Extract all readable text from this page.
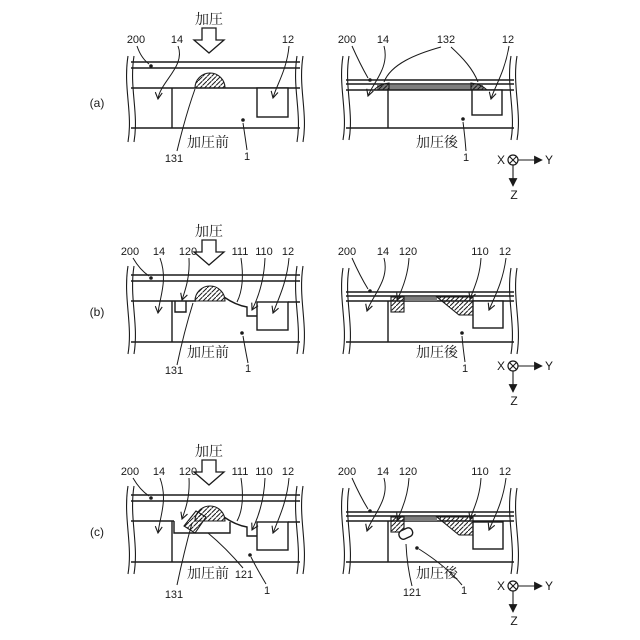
加圧
200 14	12
(a)
131
加圧前
1
200 14	132	12
加圧後
1 X	Y
Z
加圧
200 14 120	111 110 12
(b)
131
加圧前
1
200 14 120	110 12
加圧後
1 X	Y
Z
加圧
200 14 120	111 110 12
(c)
131
加圧前 121
1
200 14 120	110 12
加圧後
121	1 X	Y
Z
